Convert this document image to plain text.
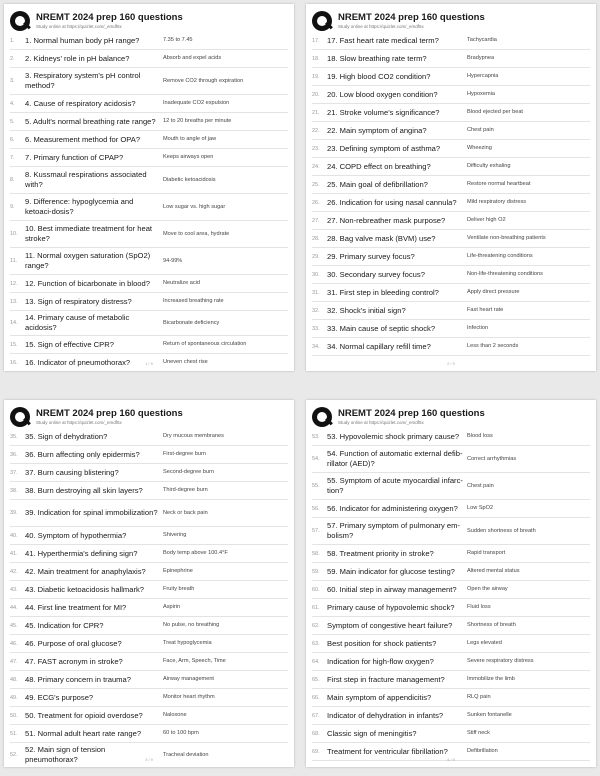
NREMT 2024 prep 160 questions
Study online at https://quizlet.com/_emdf5x
1.	1. Normal human body pH range?	7.35 to 7.45
2.	2. Kidneys' role in pH balance?	Absorb and expel acids
3.
3. Respiratory system's pH control method?
Remove CO2 through expiration
4.	4. Cause of respiratory acidosis?	Inadequate CO2 expulsion
5.	5. Adult's normal breathing rate range?	12 to 20 breaths per minute
6.	6. Measurement method for OPA?	Mouth to angle of jaw
7.	7. Primary function of CPAP?	Keeps airways open
8.
8. Kussmaul respirations associated with?
Diabetic ketoacidosis
9.
9. Difference: hypoglycemia and ketoaci-dosis?
Low sugar vs. high sugar
10.
10. Best immediate treatment for heat stroke?
Move to cool area, hydrate
11.
11. Normal oxygen saturation (SpO2) range?
94-99%
12. 12. Function of bicarbonate in blood?	Neutralize acid
13. 13. Sign of respiratory distress?	Increased breathing rate
14.
14. Primary cause of metabolic acidosis?
Bicarbonate deficiency
15. 15. Sign of effective CPR?	Return of spontaneous circulation
16. 16. Indicator of pneumothorax?	Uneven chest rise
1 / 9
NREMT 2024 prep 160 questions
Study online at https://quizlet.com/_emdf5x
17. 17. Fast heart rate medical term?	Tachycardia
18. 18. Slow breathing rate term?	Bradypnea
19. 19. High blood CO2 condition?	Hypercapnia
20. 20. Low blood oxygen condition?	Hypoxemia
21. 21. Stroke volume's significance?	Blood ejected per beat
22. 22. Main symptom of angina?	Chest pain
23. 23. Defining symptom of asthma?	Wheezing
24. 24. COPD effect on breathing?	Difficulty exhaling
25. 25. Main goal of defibrillation?	Restore normal heartbeat
26. 26. Indication for using nasal cannula?	Mild respiratory distress
27. 27. Non-rebreather mask purpose?	Deliver high O2
28. 28. Bag valve mask (BVM) use?	Ventilate non-breathing patients
29. 29. Primary survey focus?	Life-threatening conditions
30. 30. Secondary survey focus?	Non-life-threatening conditions
31. 31. First step in bleeding control?	Apply direct pressure
32. 32. Shock's initial sign?	Fast heart rate
33. 33. Main cause of septic shock?	Infection
34. 34. Normal capillary refill time?	Less than 2 seconds
2 / 9
NREMT 2024 prep 160 questions
Study online at https://quizlet.com/_emdf5x
35. 35. Sign of dehydration?	Dry mucous membranes
36. 36. Burn affecting only epidermis?	First-degree burn
37. 37. Burn causing blistering?	Second-degree burn
38. 38. Burn destroying all skin layers?	Third-degree burn
39. 39. Indication for spinal immobilization? Neck or back pain
40. 40. Symptom of hypothermia?	Shivering
41. 41. Hyperthermia's defining sign?	Body temp above 100.4°F
42. 42. Main treatment for anaphylaxis?	Epinephrine
43. 43. Diabetic ketoacidosis hallmark?	Fruity breath
44. 44. First line treatment for MI?	Aspirin
45. 45. Indication for CPR?	No pulse, no breathing
46. 46. Purpose of oral glucose?	Treat hypoglycemia
47. 47. FAST acronym in stroke?	Face, Arm, Speech, Time
48. 48. Primary concern in trauma?	Airway management
49. 49. ECG's purpose?	Monitor heart rhythm
50. 50. Treatment for opioid overdose?	Naloxone
51. 51. Normal adult heart rate range?	60 to 100 bpm
52.
52. Main sign of tension pneumothorax?
Tracheal deviation
3 / 9
NREMT 2024 prep 160 questions
Study online at https://quizlet.com/_emdf5x
53. 53. Hypovolemic shock primary cause?	Blood loss
54.
54. Function of automatic external defib-rillator (AED)?
Correct arrhythmias
55.
55. Symptom of acute myocardial infarc-tion?
Chest pain
56. 56. Indicator for administering oxygen?	Low SpO2
57.
57. Primary symptom of pulmonary em-bolism?
Sudden shortness of breath
58. 58. Treatment priority in stroke?	Rapid transport
59. 59. Main indicator for glucose testing?	Altered mental status
60. 60. Initial step in airway management?	Open the airway
61. Primary cause of hypovolemic shock?	Fluid loss
62. Symptom of congestive heart failure?	Shortness of breath
63. Best position for shock patients?	Legs elevated
64. Indication for high-flow oxygen?	Severe respiratory distress
65. First step in fracture management?	Immobilize the limb
66. Main symptom of appendicitis?	RLQ pain
67. Indicator of dehydration in infants?	Sunken fontanelle
68. Classic sign of meningitis?	Stiff neck
69. Treatment for ventricular fibrillation?	Defibrillation
4 / 9
